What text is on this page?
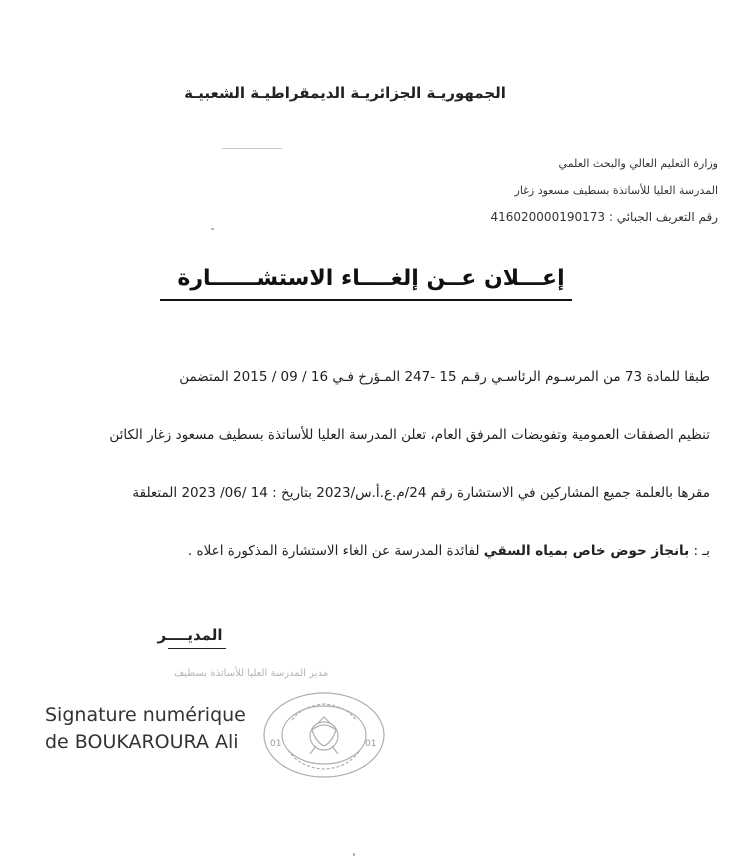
الجمهوريـة الجزائريـة الديمقراطيـة الشعبيـة
وزارة التعليم العالي والبحث العلمي
المدرسة العليا للأساتذة بسطيف مسعود زغار
رقم التعريف الجبائي : 416020000190173
إعـــلان عــن إلغــــاء الاستشــــــارة
طبقا للمادة 73 من المرسـوم الرئاسـي رقـم 15 -247 المـؤرخ فـي 16 / 09 / 2015 المتضمن
تنظيم الصفقات العمومية وتفويضات المرفق العام، تعلن المدرسة العليا للأساتذة بسطيف مسعود زغار الكائن
مقرها بالعلمة جميع المشاركين في الاستشارة رقم 24/م.ع.أ.س/2023 بتاريخ : 14 /06/ 2023 المتعلقة
بـ : بانجاز حوض خاص بمياه السقي لفائدة المدرسة عن الغاء الاستشارة المذكورة اعلاه .
المديــــر
مدير المدرسة العليا للأساتذة بسطيف
Signature numérique
de BOUKAROURA Ali	01	01
